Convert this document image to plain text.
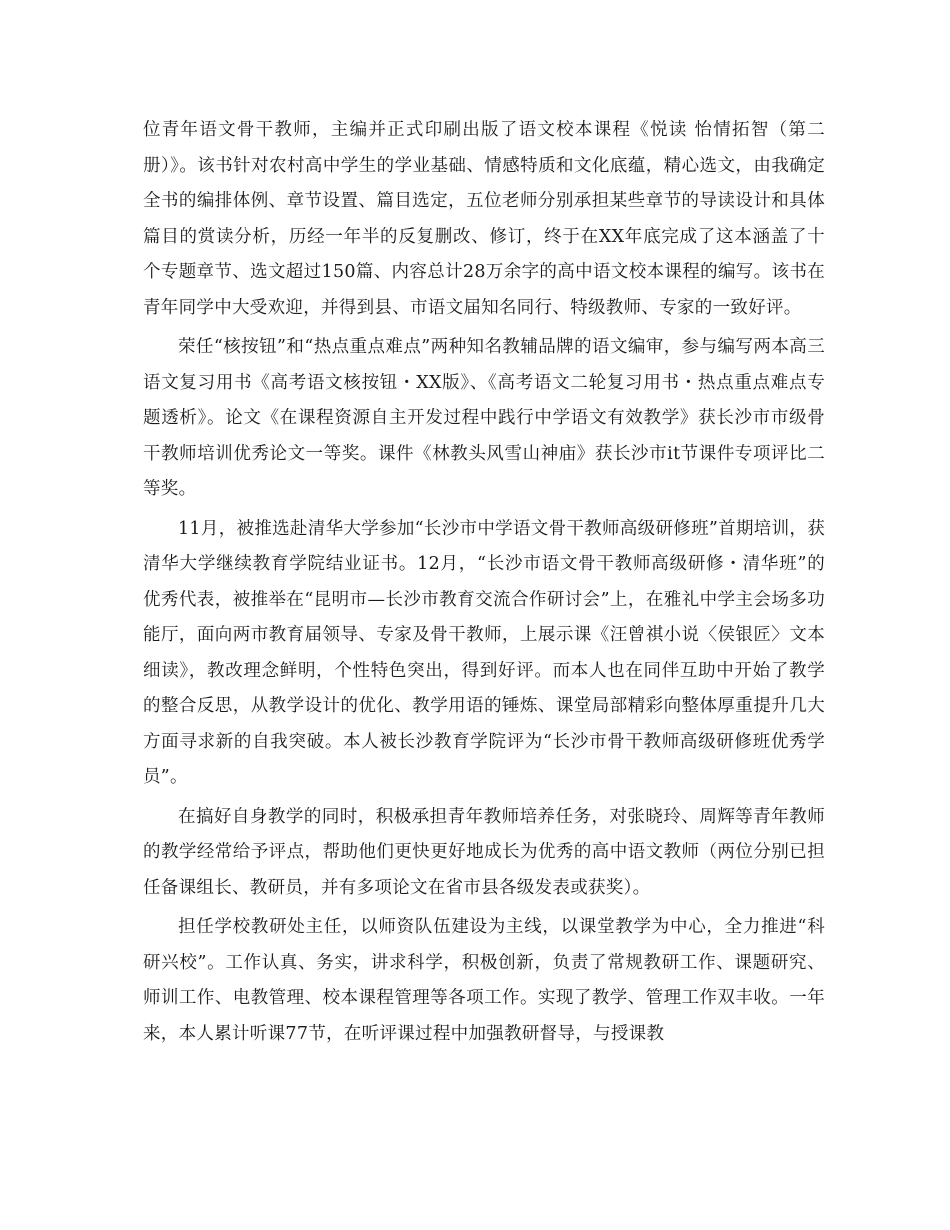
位青年语文骨干教师，主编并正式印刷出版了语文校本课程《悦读 怡情拓智（第二册）》。该书针对农村高中学生的学业基础、情感特质和文化底蕴，精心选文，由我确定全书的编排体例、章节设置、篇目选定，五位老师分别承担某些章节的导读设计和具体篇目的赏读分析，历经一年半的反复删改、修订，终于在XX年底完成了这本涵盖了十个专题章节、选文超过150篇、内容总计28万余字的高中语文校本课程的编写。该书在青年同学中大受欢迎，并得到县、市语文届知名同行、特级教师、专家的一致好评。

荣任“核按钮”和“热点重点难点”两种知名教辅品牌的语文编审，参与编写两本高三语文复习用书《高考语文核按钮・XX版》、《高考语文二轮复习用书・热点重点难点专题透析》。论文《在课程资源自主开发过程中践行中学语文有效教学》获长沙市市级骨干教师培训优秀论文一等奖。课件《林教头风雪山神庙》获长沙市it节课件专项评比二等奖。

11月，被推选赴清华大学参加“长沙市中学语文骨干教师高级研修班”首期培训，获清华大学继续教育学院结业证书。12月，“长沙市语文骨干教师高级研修・清华班”的优秀代表，被推举在“昆明市—长沙市教育交流合作研讨会”上，在雅礼中学主会场多功能厅，面向两市教育届领导、专家及骨干教师，上展示课《汪曾祺小说〈侯银匠〉文本细读》，教改理念鲜明，个性特色突出，得到好评。而本人也在同伴互助中开始了教学的整合反思，从教学设计的优化、教学用语的锤炼、课堂局部精彩向整体厚重提升几大方面寻求新的自我突破。本人被长沙教育学院评为“长沙市骨干教师高级研修班优秀学员”。

在搞好自身教学的同时，积极承担青年教师培养任务，对张晓玲、周辉等青年教师的教学经常给予评点，帮助他们更快更好地成长为优秀的高中语文教师（两位分别已担任备课组长、教研员，并有多项论文在省市县各级发表或获奖）。

担任学校教研处主任，以师资队伍建设为主线，以课堂教学为中心，全力推进“科研兴校”。工作认真、务实，讲求科学，积极创新，负责了常规教研工作、课题研究、师训工作、电教管理、校本课程管理等各项工作。实现了教学、管理工作双丰收。一年来，本人累计听课77节，在听评课过程中加强教研督导，与授课教
